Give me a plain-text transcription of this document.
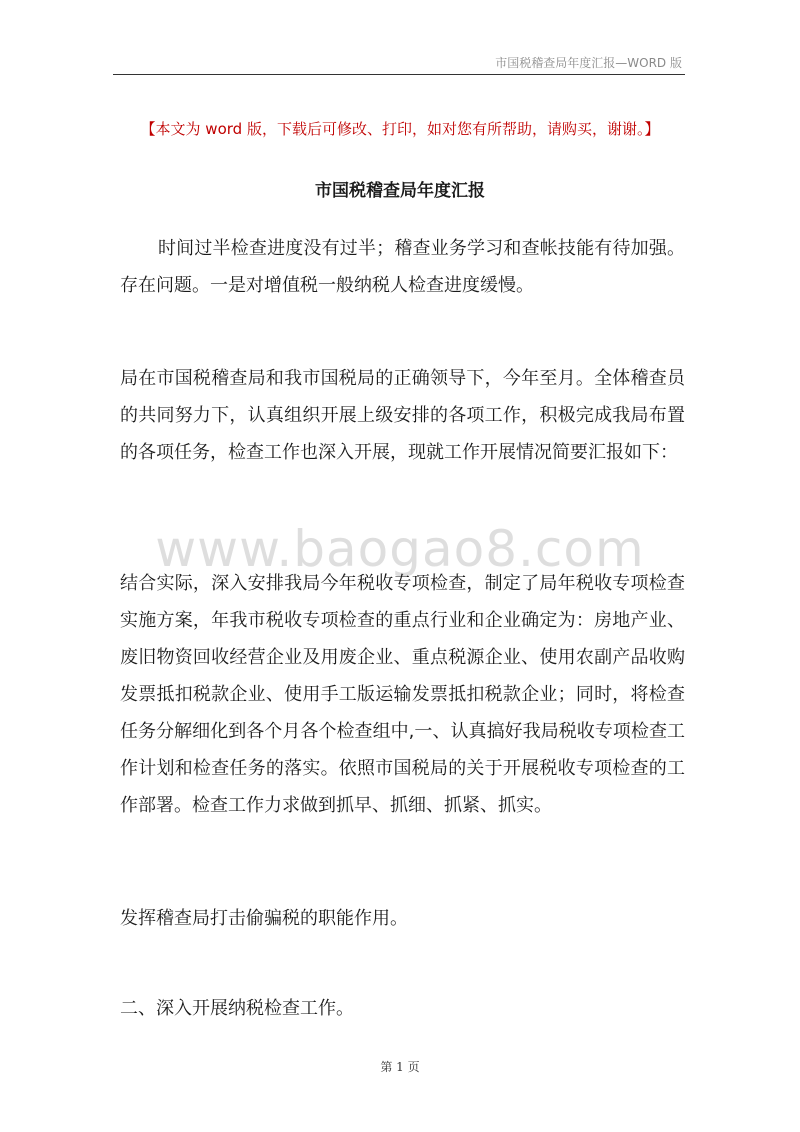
市国税稽查局年度汇报—WORD 版
【本文为 word 版，下载后可修改、打印，如对您有所帮助，请购买，谢谢。】
市国税稽查局年度汇报
时间过半检查进度没有过半；稽查业务学习和查帐技能有待加强。存在问题。一是对增值税一般纳税人检查进度缓慢。
局在市国税稽查局和我市国税局的正确领导下，今年至月。全体稽查员的共同努力下，认真组织开展上级安排的各项工作，积极完成我局布置的各项任务，检查工作也深入开展，现就工作开展情况简要汇报如下：
www.baogao8.com
结合实际，深入安排我局今年税收专项检查，制定了局年税收专项检查实施方案，年我市税收专项检查的重点行业和企业确定为：房地产业、废旧物资回收经营企业及用废企业、重点税源企业、使用农副产品收购发票抵扣税款企业、使用手工版运输发票抵扣税款企业；同时，将检查任务分解细化到各个月各个检查组中,一、认真搞好我局税收专项检查工作计划和检查任务的落实。依照市国税局的关于开展税收专项检查的工作部署。检查工作力求做到抓早、抓细、抓紧、抓实。
发挥稽查局打击偷骗税的职能作用。
二、深入开展纳税检查工作。
第 1 页
